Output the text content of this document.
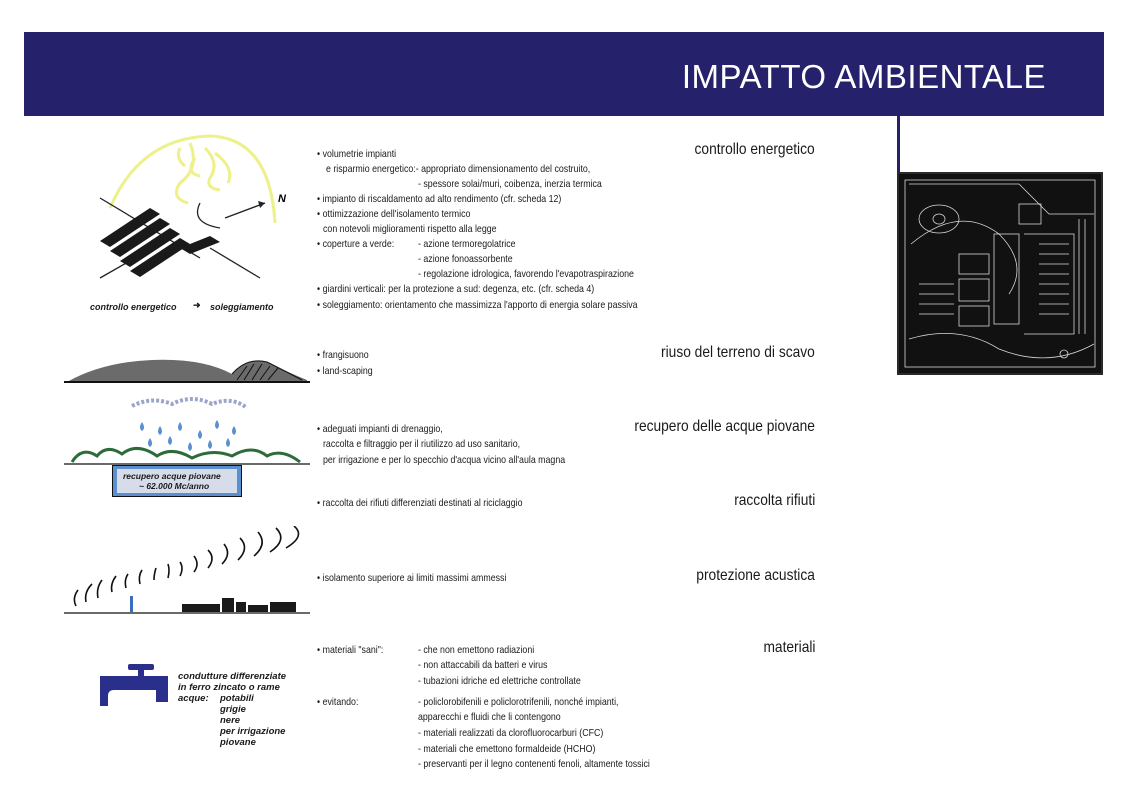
IMPATTO AMBIENTALE
controllo energetico
N
controllo energetico ➜ soleggiamento
• volumetrie impianti
e risparmio energetico:- appropriato dimensionamento del costruito,
- spessore solai/muri, coibenza, inerzia termica
• impianto di riscaldamento ad alto rendimento (cfr. scheda 12)
• ottimizzazione dell'isolamento termico
con notevoli miglioramenti rispetto alla legge
• coperture a verde: - azione termoregolatrice
- azione fonoassorbente
- regolazione idrologica, favorendo l'evapotraspirazione
• giardini verticali: per la protezione a sud: degenza, etc. (cfr. scheda 4)
• soleggiamento: orientamento che massimizza l'apporto di energia solare passiva
riuso del terreno di scavo
• frangisuono
• land-scaping
recupero delle acque piovane
recupero acque piovane
~ 62.000 Mc/anno
• adeguati impianti di drenaggio,
raccolta e filtraggio per il riutilizzo ad uso sanitario,
per irrigazione e per lo specchio d'acqua vicino all'aula magna
raccolta rifiuti
• raccolta dei rifiuti differenziati destinati al riciclaggio
protezione acustica
• isolamento superiore ai limiti massimi ammessi
materiali
condutture differenziate
in ferro zincato o rame
acque: potabili
grigie
nere
per irrigazione
piovane
• materiali "sani":	- che non emettono radiazioni
- non attaccabili da batteri e virus
- tubazioni idriche ed elettriche controllate
• evitando:	- policlorobifenili e policlorotrifenili, nonché impianti,
apparecchi e fluidi che li contengono
- materiali realizzati da clorofluorocarburi (CFC)
- materiali che emettono formaldeide (HCHO)
- preservanti per il legno contenenti fenoli, altamente tossici
